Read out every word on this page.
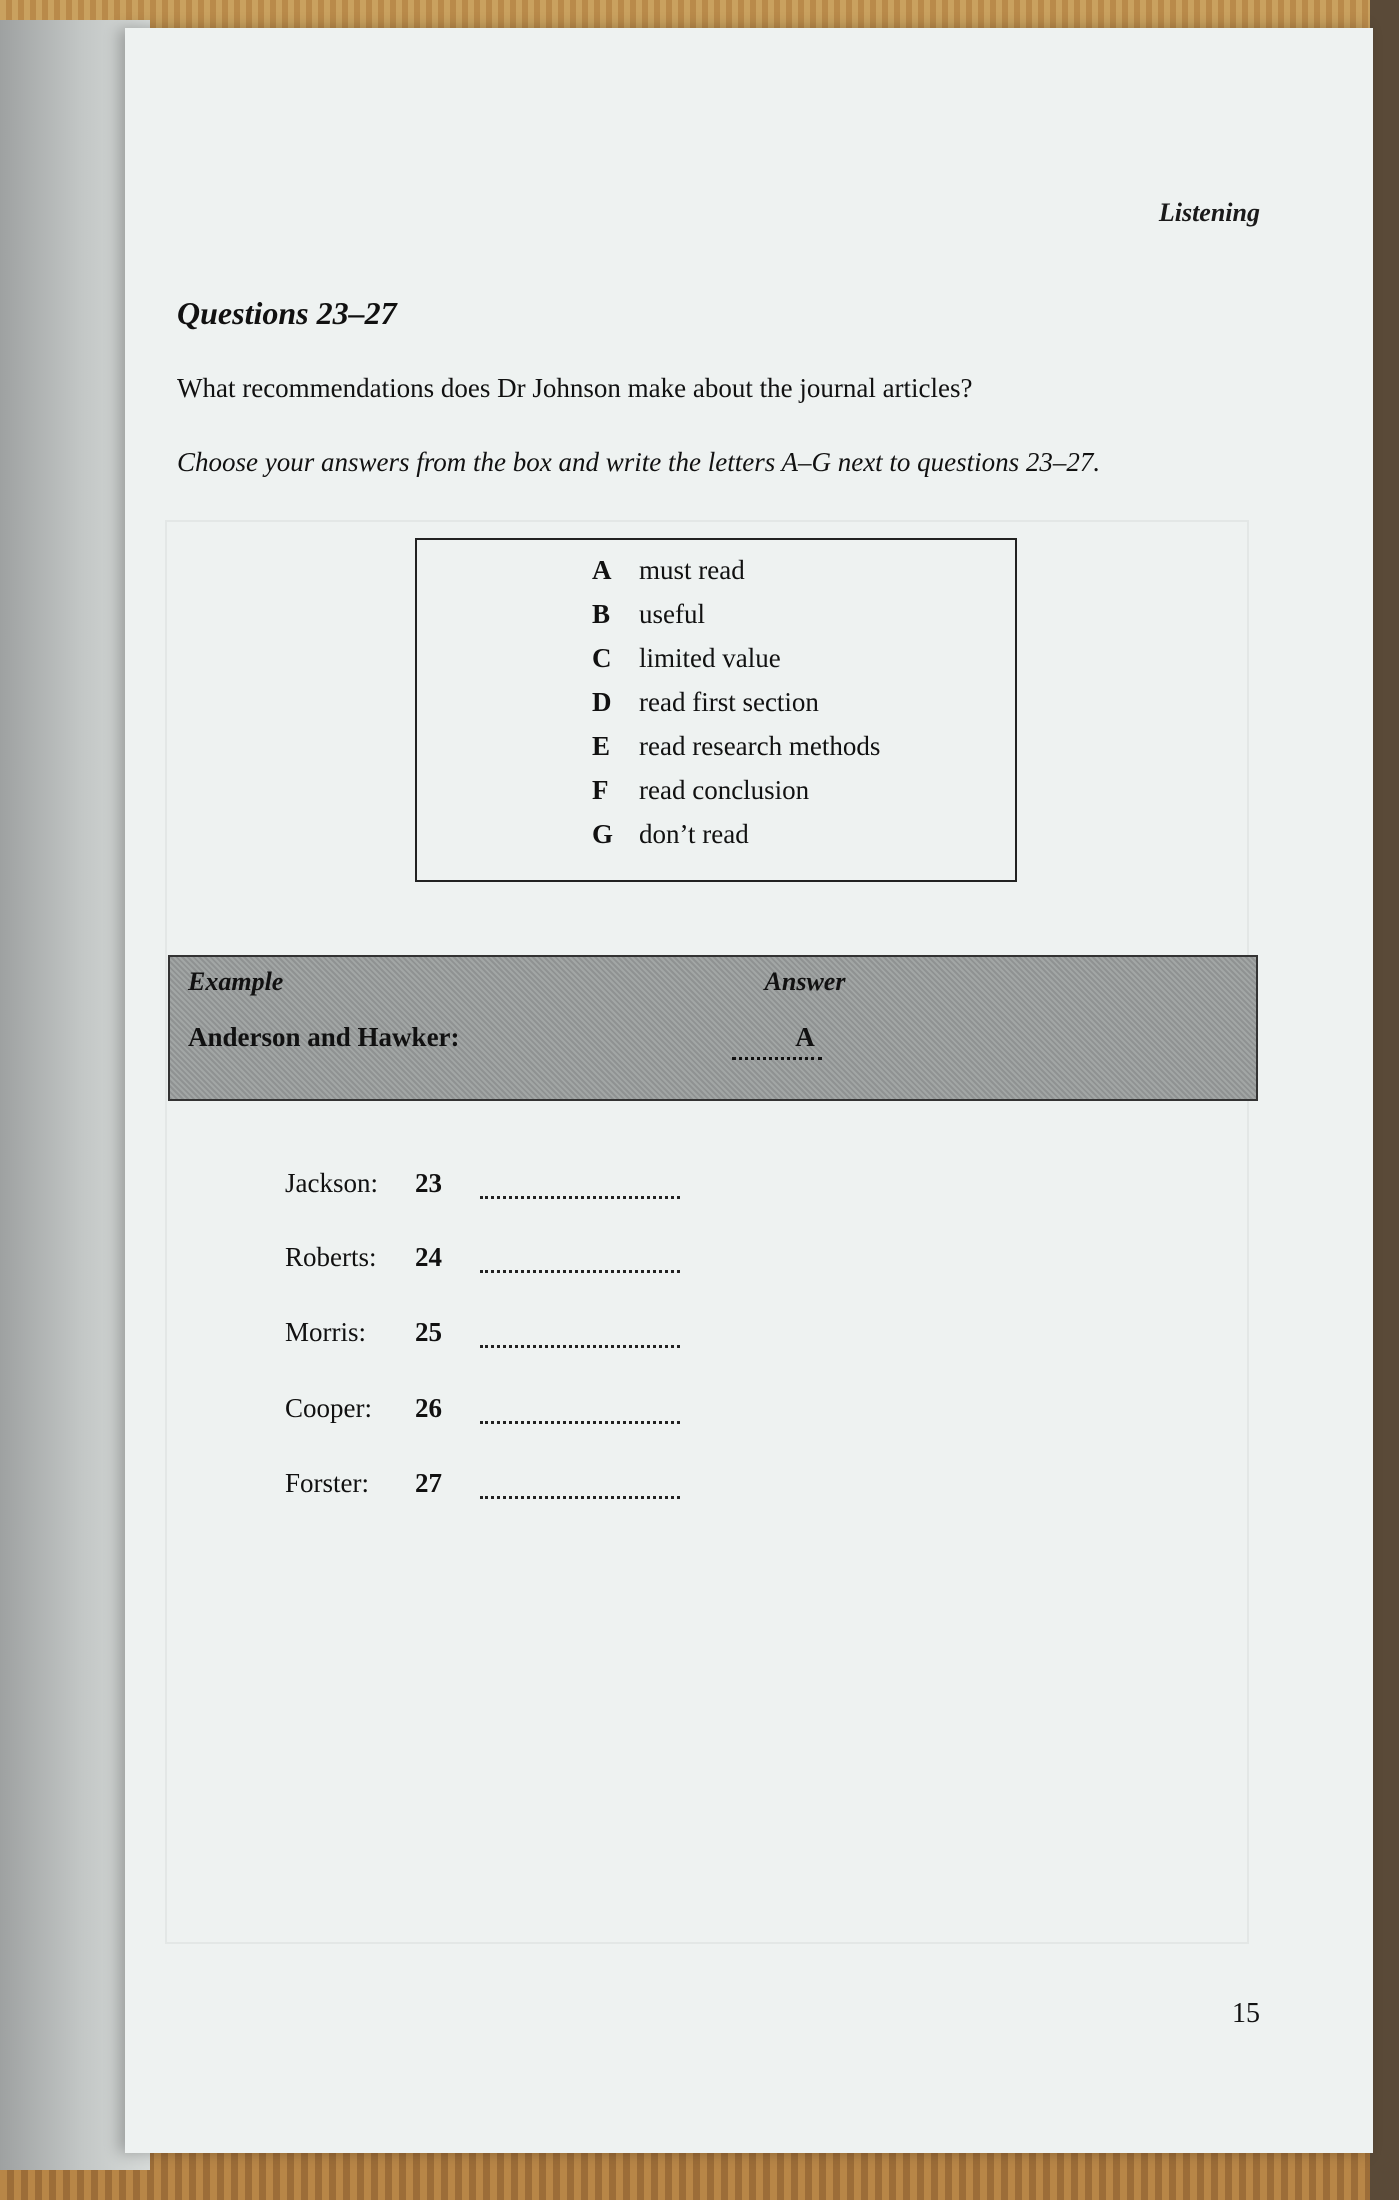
Listening
Questions 23–27
What recommendations does Dr Johnson make about the journal articles?
Choose your answers from the box and write the letters A–G next to questions 23–27.
A	must read
B	useful
C	limited value
D	read first section
E	read research methods
F	read conclusion
G don’t read
Example	Answer
Anderson and Hawker:	A
Jackson: 23
Roberts: 24
Morris: 25
Cooper: 26
Forster: 27
15
